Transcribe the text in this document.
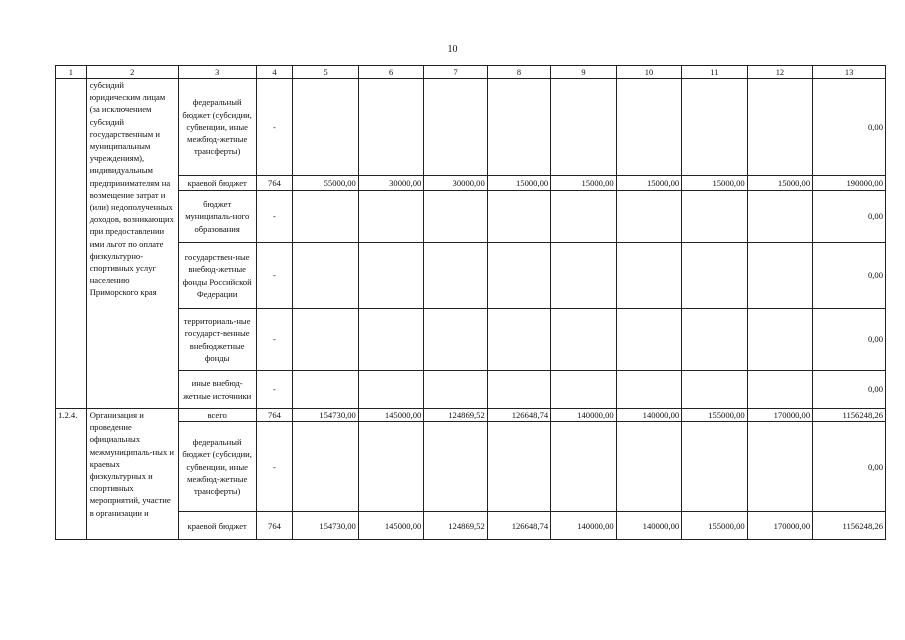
10
1	2	3	4	5	6	7	8	9	10	11	12	13
	субсидий юридическим лицам (за исключением субсидий государственным и муниципальным учреждениям), индивидуальным предпринимателям на возмещение затрат и (или) недополученных доходов, возникающих при предоставлении ими льгот по оплате физкультурно-спортивных услуг населению Приморского края	федеральный бюджет (субсидии, субвенции, иные межбюд-жетные трансферты)	-									0,00
		краевой бюджет	764	55000,00	30000,00	30000,00	15000,00	15000,00	15000,00	15000,00	15000,00	190000,00
		бюджет муниципаль-ного образования	-									0,00
		государствен-ные внебюд-жетные фонды Российской Федерации	-									0,00
		территориаль-ные государст-венные внебюджетные фонды	-									0,00
		иные внебюд-жетные источники	-									0,00
1.2.4.	Организация и проведение официальных межмуниципаль-ных и краевых физкультурных и спортивных мероприятий, участие в организации и	всего	764	154730,00	145000,00	124869,52	126648,74	140000,00	140000,00	155000,00	170000,00	1156248,26
		федеральный бюджет (субсидии, субвенции, иные межбюд-жетные трансферты)	-									0,00
		краевой бюджет	764	154730,00	145000,00	124869,52	126648,74	140000,00	140000,00	155000,00	170000,00	1156248,26
